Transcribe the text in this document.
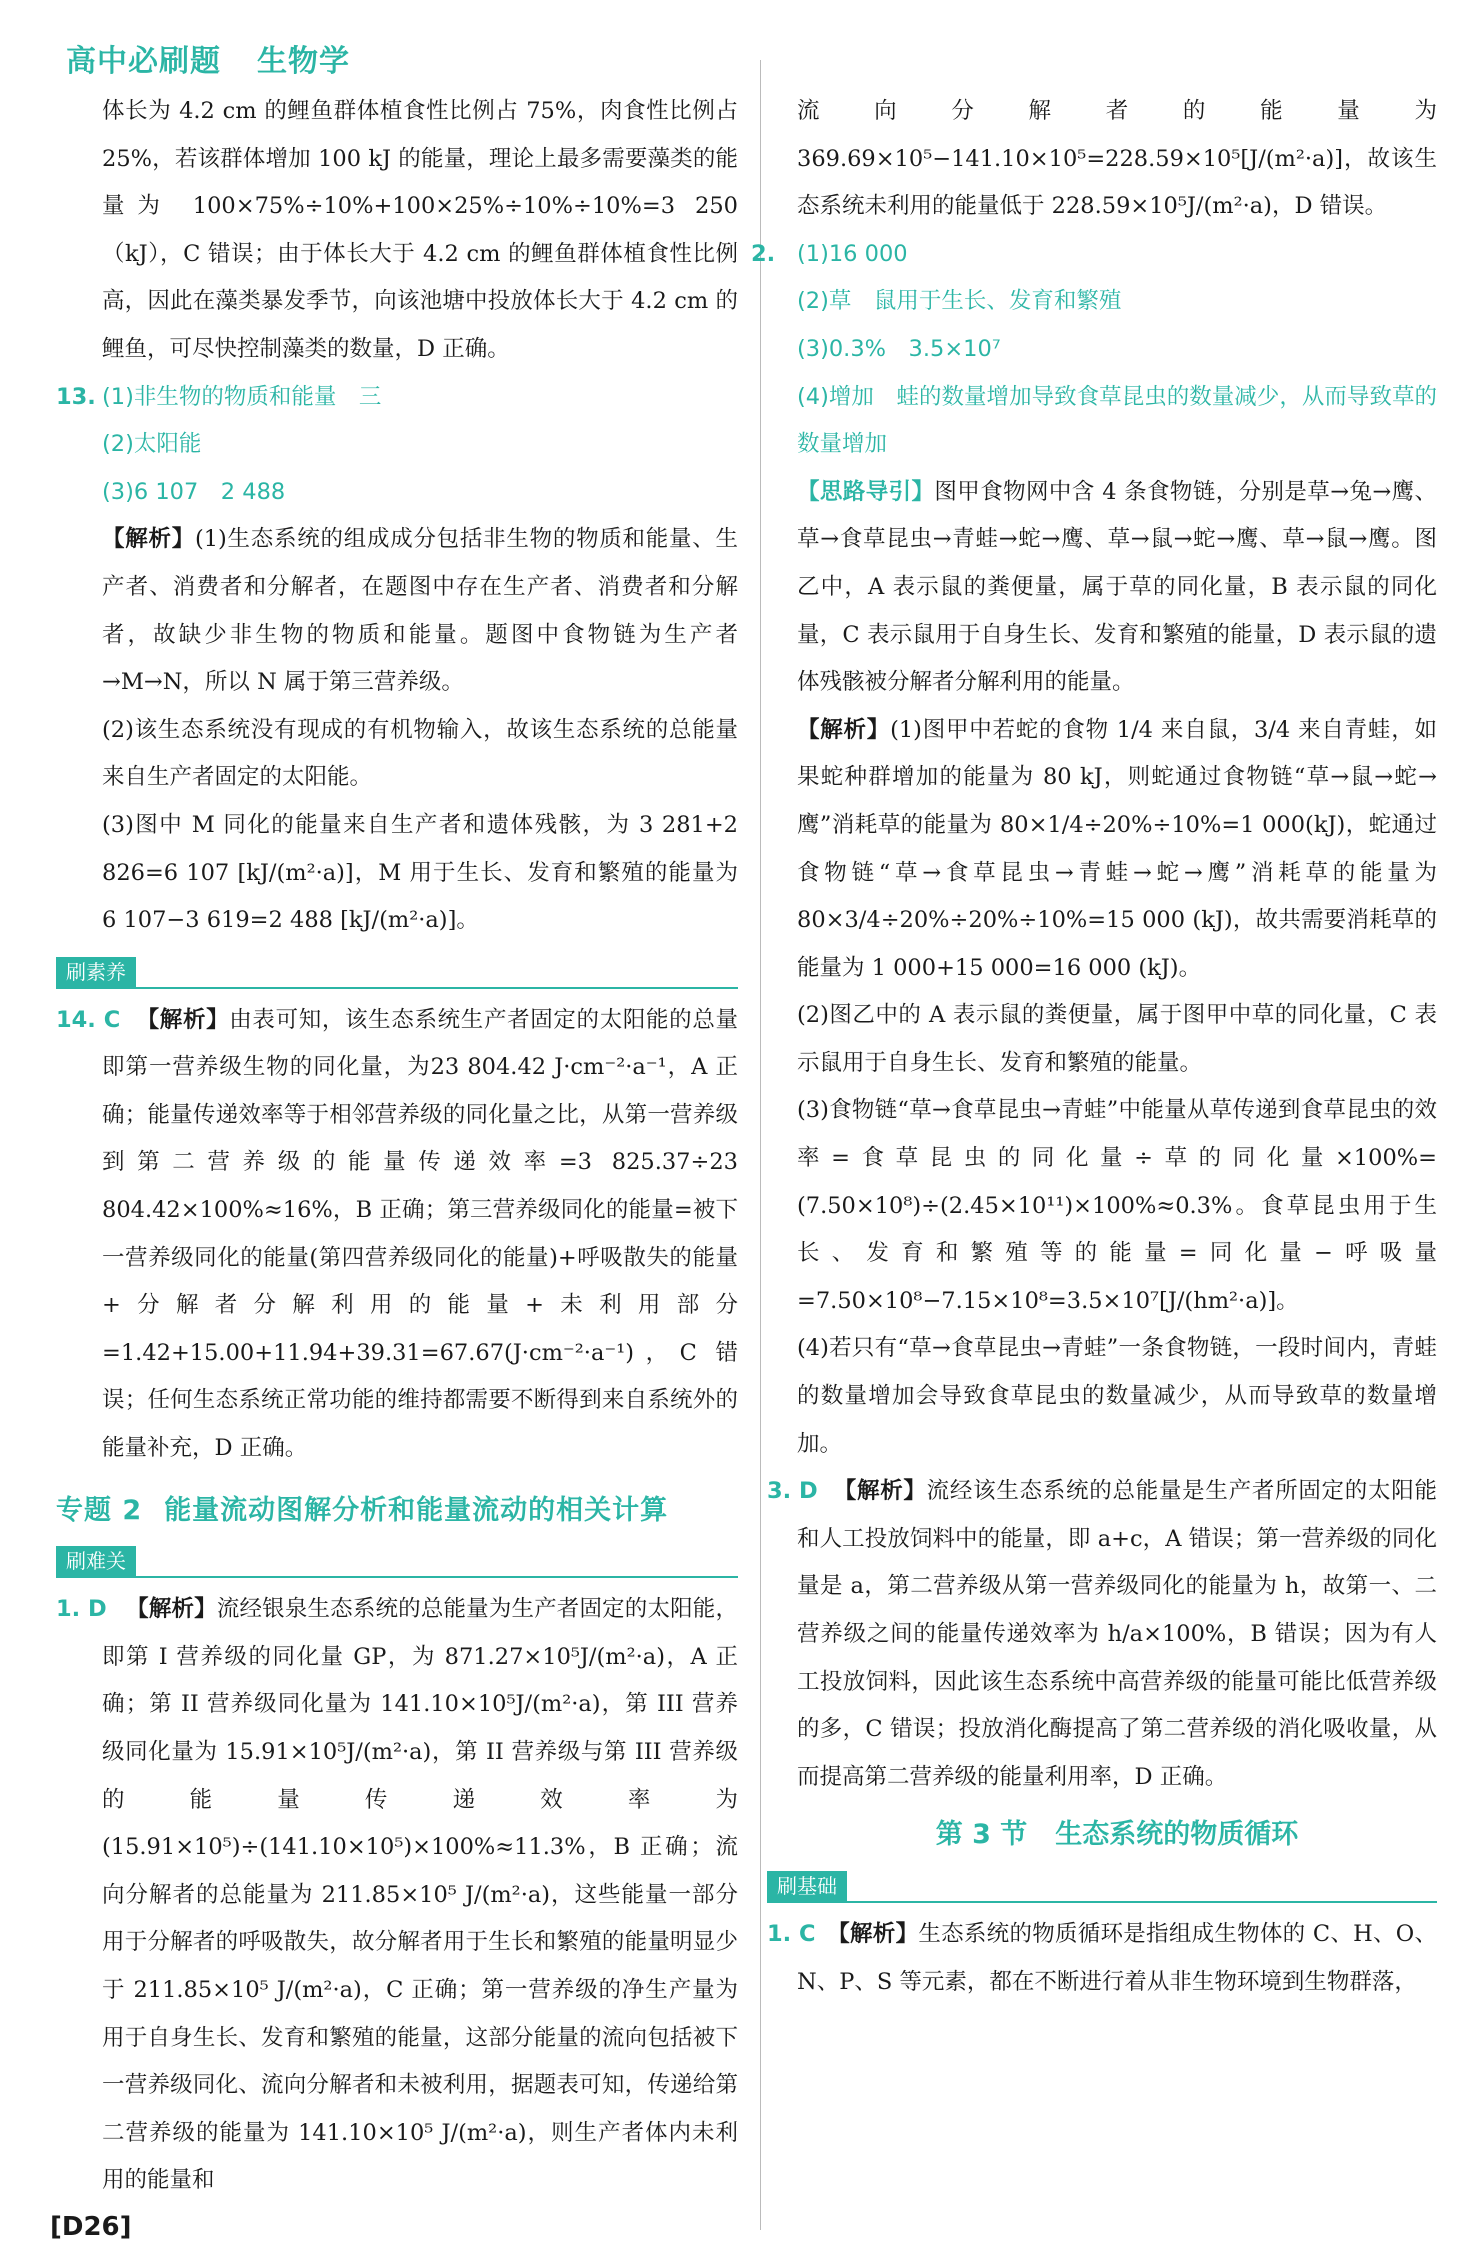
高中必刷题 生物学

体长为 4.2 cm 的鲤鱼群体植食性比例占 75%，肉食性比例占 25%，若该群体增加 100 kJ 的能量，理论上最多需要藻类的能量为 100×75%÷10%+100×25%÷10%÷10%=3 250（kJ），C 错误；由于体长大于 4.2 cm 的鲤鱼群体植食性比例高，因此在藻类暴发季节，向该池塘中投放体长大于 4.2 cm 的鲤鱼，可尽快控制藻类的数量，D 正确。

13. (1)非生物的物质和能量　三

(2)太阳能

(3)6 107　2 488

【解析】(1)生态系统的组成成分包括非生物的物质和能量、生产者、消费者和分解者，在题图中存在生产者、消费者和分解者，故缺少非生物的物质和能量。题图中食物链为生产者→M→N，所以 N 属于第三营养级。

(2)该生态系统没有现成的有机物输入，故该生态系统的总能量来自生产者固定的太阳能。

(3)图中 M 同化的能量来自生产者和遗体残骸，为 3 281+2 826=6 107 [kJ/(m²·a)]，M 用于生长、发育和繁殖的能量为 6 107−3 619=2 488 [kJ/(m²·a)]。

刷素养

14. C 【解析】由表可知，该生态系统生产者固定的太阳能的总量即第一营养级生物的同化量，为23 804.42 J·cm⁻²·a⁻¹，A 正确；能量传递效率等于相邻营养级的同化量之比，从第一营养级到第二营养级的能量传递效率=3 825.37÷23 804.42×100%≈16%，B 正确；第三营养级同化的能量=被下一营养级同化的能量(第四营养级同化的能量)+呼吸散失的能量+分解者分解利用的能量+未利用部分=1.42+15.00+11.94+39.31=67.67(J·cm⁻²·a⁻¹)，C 错误；任何生态系统正常功能的维持都需要不断得到来自系统外的能量补充，D 正确。

专题 2 能量流动图解分析和能量流动的相关计算
刷难关

1. D 【解析】流经银泉生态系统的总能量为生产者固定的太阳能，即第 I 营养级的同化量 GP，为 871.27×10⁵J/(m²·a)，A 正确；第 II 营养级同化量为 141.10×10⁵J/(m²·a)，第 III 营养级同化量为 15.91×10⁵J/(m²·a)，第 II 营养级与第 III 营养级的能量传递效率为(15.91×10⁵)÷(141.10×10⁵)×100%≈11.3%，B 正确；流向分解者的总能量为 211.85×10⁵ J/(m²·a)，这些能量一部分用于分解者的呼吸散失，故分解者用于生长和繁殖的能量明显少于 211.85×10⁵ J/(m²·a)，C 正确；第一营养级的净生产量为用于自身生长、发育和繁殖的能量，这部分能量的流向包括被下一营养级同化、流向分解者和未被利用，据题表可知，传递给第二营养级的能量为 141.10×10⁵ J/(m²·a)，则生产者体内未利用的能量和

流向分解者的能量为 369.69×10⁵−141.10×10⁵=228.59×10⁵[J/(m²·a)]，故该生态系统未利用的能量低于 228.59×10⁵J/(m²·a)，D 错误。

2. (1)16 000

(2)草　鼠用于生长、发育和繁殖

(3)0.3%　3.5×10⁷

(4)增加　蛙的数量增加导致食草昆虫的数量减少，从而导致草的数量增加

【思路导引】图甲食物网中含 4 条食物链，分别是草→兔→鹰、草→食草昆虫→青蛙→蛇→鹰、草→鼠→蛇→鹰、草→鼠→鹰。图乙中，A 表示鼠的粪便量，属于草的同化量，B 表示鼠的同化量，C 表示鼠用于自身生长、发育和繁殖的能量，D 表示鼠的遗体残骸被分解者分解利用的能量。

【解析】(1)图甲中若蛇的食物 1/4 来自鼠，3/4 来自青蛙，如果蛇种群增加的能量为 80 kJ，则蛇通过食物链“草→鼠→蛇→鹰”消耗草的能量为 80×1/4÷20%÷10%=1 000(kJ)，蛇通过食物链“草→食草昆虫→青蛙→蛇→鹰”消耗草的能量为 80×3/4÷20%÷20%÷10%=15 000 (kJ)，故共需要消耗草的能量为 1 000+15 000=16 000 (kJ)。

(2)图乙中的 A 表示鼠的粪便量，属于图甲中草的同化量，C 表示鼠用于自身生长、发育和繁殖的能量。

(3)食物链“草→食草昆虫→青蛙”中能量从草传递到食草昆虫的效率=食草昆虫的同化量÷草的同化量×100%=(7.50×10⁸)÷(2.45×10¹¹)×100%≈0.3%。食草昆虫用于生长、发育和繁殖等的能量=同化量−呼吸量=7.50×10⁸−7.15×10⁸=3.5×10⁷[J/(hm²·a)]。

(4)若只有“草→食草昆虫→青蛙”一条食物链，一段时间内，青蛙的数量增加会导致食草昆虫的数量减少，从而导致草的数量增加。

3. D 【解析】流经该生态系统的总能量是生产者所固定的太阳能和人工投放饲料中的能量，即 a+c，A 错误；第一营养级的同化量是 a，第二营养级从第一营养级同化的能量为 h，故第一、二营养级之间的能量传递效率为 h/a×100%，B 错误；因为有人工投放饲料，因此该生态系统中高营养级的能量可能比低营养级的多，C 错误；投放消化酶提高了第二营养级的消化吸收量，从而提高第二营养级的能量利用率，D 正确。

第 3 节 生态系统的物质循环
刷基础

1. C 【解析】生态系统的物质循环是指组成生物体的 C、H、O、N、P、S 等元素，都在不断进行着从非生物环境到生物群落，

[D26]
